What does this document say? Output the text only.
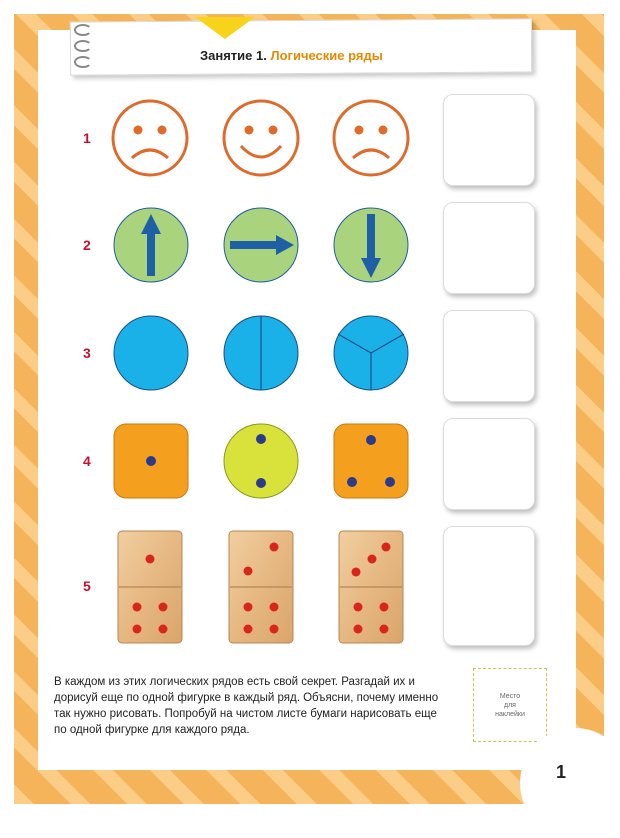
Занятие 1. Логические ряды
1
2
3
4
5
В каждом из этих логических рядов есть свой секрет. Разгадай их и дорисуй еще по одной фигурке в каждый ряд. Объясни, почему именно так нужно рисовать. Попробуй на чистом листе бумаги нарисовать еще по одной фигурке для каждого ряда.
Место
для
наклейки
1
